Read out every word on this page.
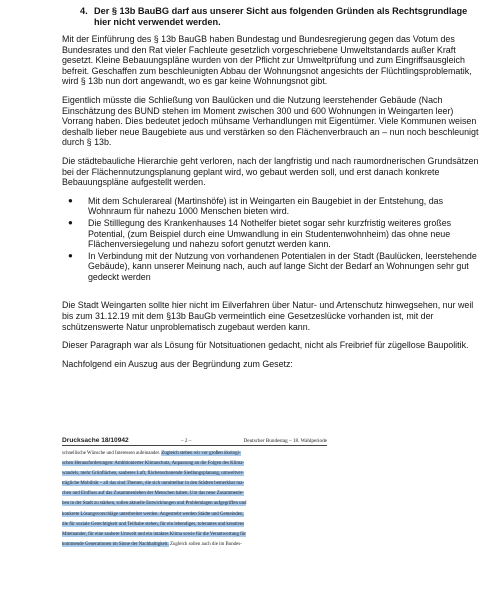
4. Der § 13b BauBG darf aus unserer Sicht aus folgenden Gründen als Rechtsgrundlage hier nicht verwendet werden.

Mit der Einführung des § 13b BauGB haben Bundestag und Bundesregierung gegen das Votum des Bundesrates und den Rat vieler Fachleute gesetzlich vorgeschriebene Umweltstandards außer Kraft gesetzt. Kleine Bebauungspläne wurden von der Pflicht zur Umweltprüfung und zum Eingriffsausgleich befreit. Geschaffen zum beschleunigten Abbau der Wohnungsnot angesichts der Flüchtlingsproblematik, wird § 13b nun dort angewandt, wo es gar keine Wohnungsnot gibt.

Eigentlich müsste die Schließung von Baulücken und die Nutzung leerstehender Gebäude (Nach Einschätzung des BUND stehen im Moment zwischen 300 und 600 Wohnungen in Weingarten leer) Vorrang haben. Dies bedeutet jedoch mühsame Verhandlungen mit Eigentümer. Viele Kommunen weisen deshalb lieber neue Baugebiete aus und verstärken so den Flächenverbrauch an – nun noch beschleunigt durch § 13b.

Die städtebauliche Hierarchie geht verloren, nach der langfristig und nach raumordnerischen Grundsätzen bei der Flächennutzungsplanung geplant wird, wo gebaut werden soll, und erst danach konkrete Bebauungspläne aufgestellt werden.

●	Mit dem Schulerareal (Martinshöfe) ist in Weingarten ein Baugebiet in der Entstehung, das Wohnraum für nahezu 1000 Menschen bieten wird.
●	Die Stilllegung des Krankenhauses 14 Nothelfer bietet sogar sehr kurzfristig weiteres großes Potential, (zum Beispiel durch eine Umwandlung in ein Studentenwohnheim) das ohne neue Flächenversiegelung und nahezu sofort genutzt werden kann.
●	In Verbindung mit der Nutzung von vorhandenen Potentialen in der Stadt (Baulücken, leerstehende Gebäude), kann unserer Meinung nach, auch auf lange Sicht der Bedarf an Wohnungen sehr gut gedeckt werden

Die Stadt Weingarten sollte hier nicht im Eilverfahren über Natur- und Artenschutz hinwegsehen, nur weil bis zum 31.12.19 mit dem §13b BauGb vermeintlich eine Gesetzeslücke vorhanden ist, mit der schützenswerte Natur unproblematisch zugebaut werden kann.

Dieser Paragraph war als Lösung für Notsituationen gedacht, nicht als Freibrief für zügellose Baupolitik.

Nachfolgend ein Auszug aus der Begründung zum Gesetz:

Drucksache 18/10942	– 2 –	Deutscher Bundestag – 18. Wahlperiode
schnellische Wünsche und Interessen aufeinander. Zugleich stehen wir vor großen ökologi-
schen Herausforderungen: Ambitionierter Klimaschutz, Anpassung an die Folgen des Klima-
wandels, mehr Grünflächen, sauberes Luft, flächenschonende Siedlungsplanung, umweltver-
trägliche Mobilität – all das sind Themen, die sich unmittelbar in den Städten bemerkbar ma-
chen und Einfluss auf das Zusammenleben der Menschen haben. Um das neue Zusammenle-
ben in der Stadt zu stärken, sollen aktuelle Entwicklungen und Problemlagen aufgegriffen und
konkrete Lösungsvorschläge unterbreitet werden. Angestrebt werden Städte und Gemeinden,
die für soziale Gerechtigkeit und Teilhabe stehen, für ein lebendiges, tolerantes und kreatives
Miteinander, für eine saubere Umwelt und ein intaktes Klima sowie für die Verantwortung für
kommende Generationen im Sinne der Nachhaltigkeit. Zugleich sollen auch die im Bundes-
